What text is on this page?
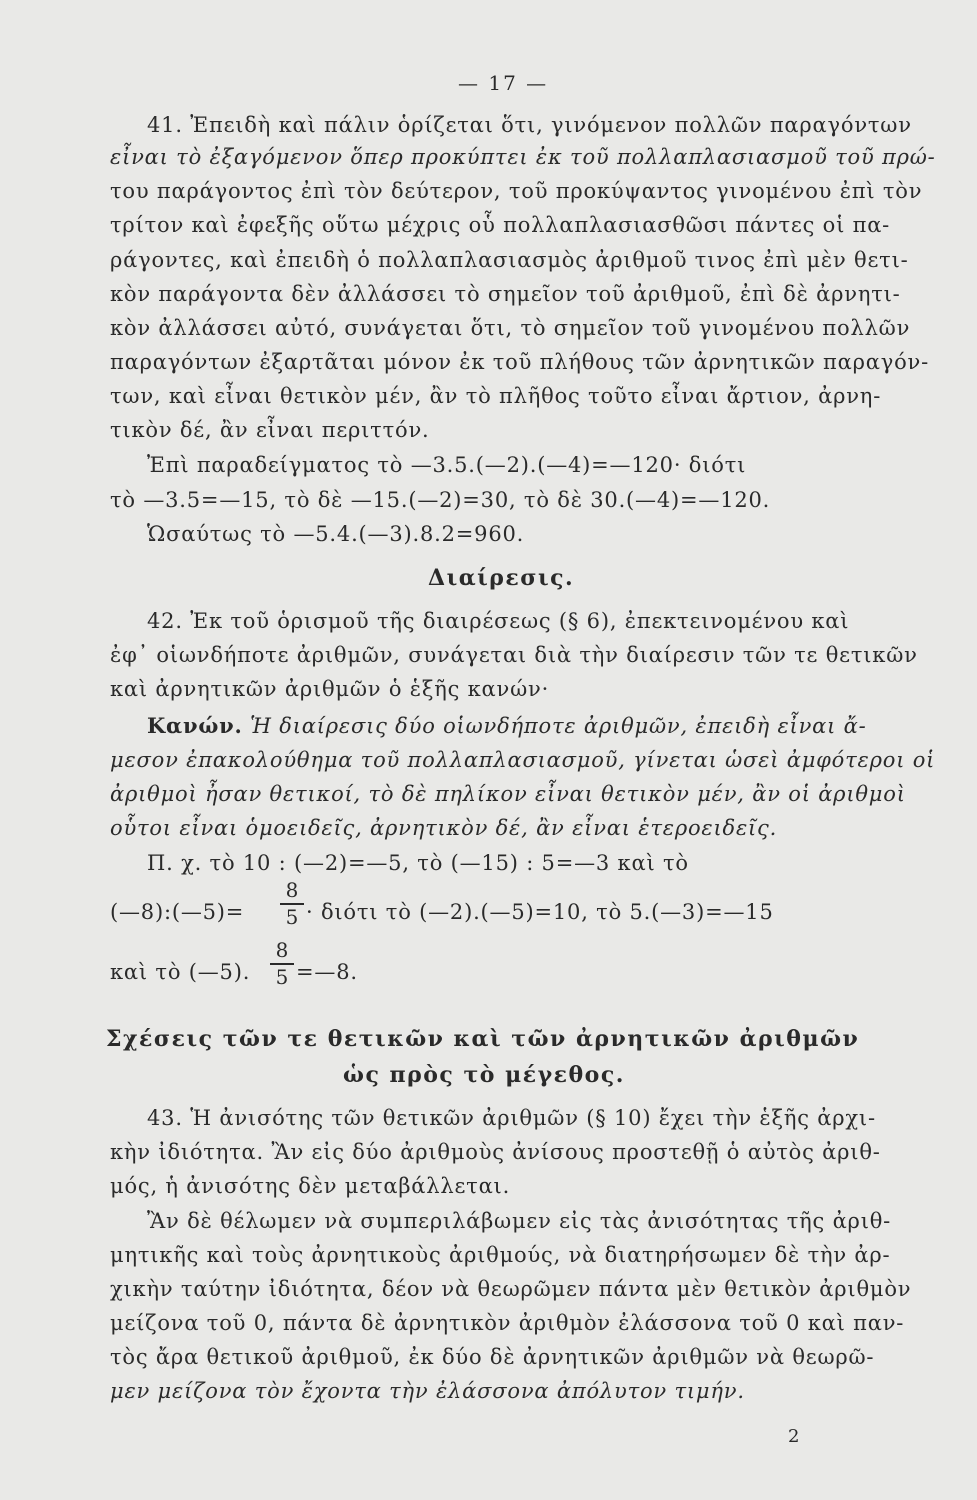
— 17 —
41. Ἐπειδὴ καὶ πάλιν ὁρίζεται ὅτι, γινόμενον πολλῶν παραγόντων
εἶναι τὸ ἐξαγόμενον ὅπερ προκύπτει ἐκ τοῦ πολλαπλασιασμοῦ τοῦ πρώ-
του παράγοντος ἐπὶ τὸν δεύτερον, τοῦ προκύψαντος γινομένου ἐπὶ τὸν
τρίτον καὶ ἐφεξῆς οὕτω μέχρις οὗ πολλαπλασιασθῶσι πάντες οἱ πα-
ράγοντες, καὶ ἐπειδὴ ὁ πολλαπλασιασμὸς ἀριθμοῦ τινος ἐπὶ μὲν θετι-
κὸν παράγοντα δὲν ἀλλάσσει τὸ σημεῖον τοῦ ἀριθμοῦ, ἐπὶ δὲ ἀρνητι-
κὸν ἀλλάσσει αὐτό, συνάγεται ὅτι, τὸ σημεῖον τοῦ γινομένου πολλῶν
παραγόντων ἐξαρτᾶται μόνον ἐκ τοῦ πλήθους τῶν ἀρνητικῶν παραγόν-
των, καὶ εἶναι θετικὸν μέν, ἂν τὸ πλῆθος τοῦτο εἶναι ἄρτιον, ἀρνη-
τικὸν δέ, ἂν εἶναι περιττόν.
Ἐπὶ παραδείγματος τὸ —3.5.(—2).(—4)=—120· διότι
τὸ —3.5=—15, τὸ δὲ —15.(—2)=30, τὸ δὲ 30.(—4)=—120.
Ὡσαύτως τὸ —5.4.(—3).8.2=960.
Διαίρεσις.
42. Ἐκ τοῦ ὁρισμοῦ τῆς διαιρέσεως (§ 6), ἐπεκτεινομένου καὶ
ἐφ᾽ οἱωνδήποτε ἀριθμῶν, συνάγεται διὰ τὴν διαίρεσιν τῶν τε θετικῶν
καὶ ἀρνητικῶν ἀριθμῶν ὁ ἑξῆς κανών·
Κανών. Ἡ διαίρεσις δύο οἱωνδήποτε ἀριθμῶν, ἐπειδὴ εἶναι ἄ-
μεσον ἐπακολούθημα τοῦ πολλαπλασιασμοῦ, γίνεται ὡσεὶ ἀμφότεροι οἱ
ἀριθμοὶ ἦσαν θετικοί, τὸ δὲ πηλίκον εἶναι θετικὸν μέν, ἂν οἱ ἀριθμοὶ
οὗτοι εἶναι ὁμοειδεῖς, ἀρνητικὸν δέ, ἂν εἶναι ἑτεροειδεῖς.
Π. χ. τὸ 10 : (—2)=—5, τὸ (—15) : 5=—3 καὶ τὸ
(—8):(—5)=
8
5 · διότι τὸ (—2).(—5)=10, τὸ 5.(—3)=—15
καὶ τὸ (—5).
8
5 =—8.
Σχέσεις τῶν τε θετικῶν καὶ τῶν ἀρνητικῶν ἀριθμῶν
ὡς πρὸς τὸ μέγεθος.
43. Ἡ ἀνισότης τῶν θετικῶν ἀριθμῶν (§ 10) ἔχει τὴν ἑξῆς ἀρχι-
κὴν ἰδιότητα. Ἂν εἰς δύο ἀριθμοὺς ἀνίσους προστεθῇ ὁ αὐτὸς ἀριθ-
μός, ἡ ἀνισότης δὲν μεταβάλλεται.
Ἂν δὲ θέλωμεν νὰ συμπεριλάβωμεν εἰς τὰς ἀνισότητας τῆς ἀριθ-
μητικῆς καὶ τοὺς ἀρνητικοὺς ἀριθμούς, νὰ διατηρήσωμεν δὲ τὴν ἀρ-
χικὴν ταύτην ἰδιότητα, δέον νὰ θεωρῶμεν πάντα μὲν θετικὸν ἀριθμὸν
μείζονα τοῦ 0, πάντα δὲ ἀρνητικὸν ἀριθμὸν ἐλάσσονα τοῦ 0 καὶ παν-
τὸς ἄρα θετικοῦ ἀριθμοῦ, ἐκ δύο δὲ ἀρνητικῶν ἀριθμῶν νὰ θεωρῶ-
μεν μείζονα τὸν ἔχοντα τὴν ἐλάσσονα ἀπόλυτον τιμήν.
2
